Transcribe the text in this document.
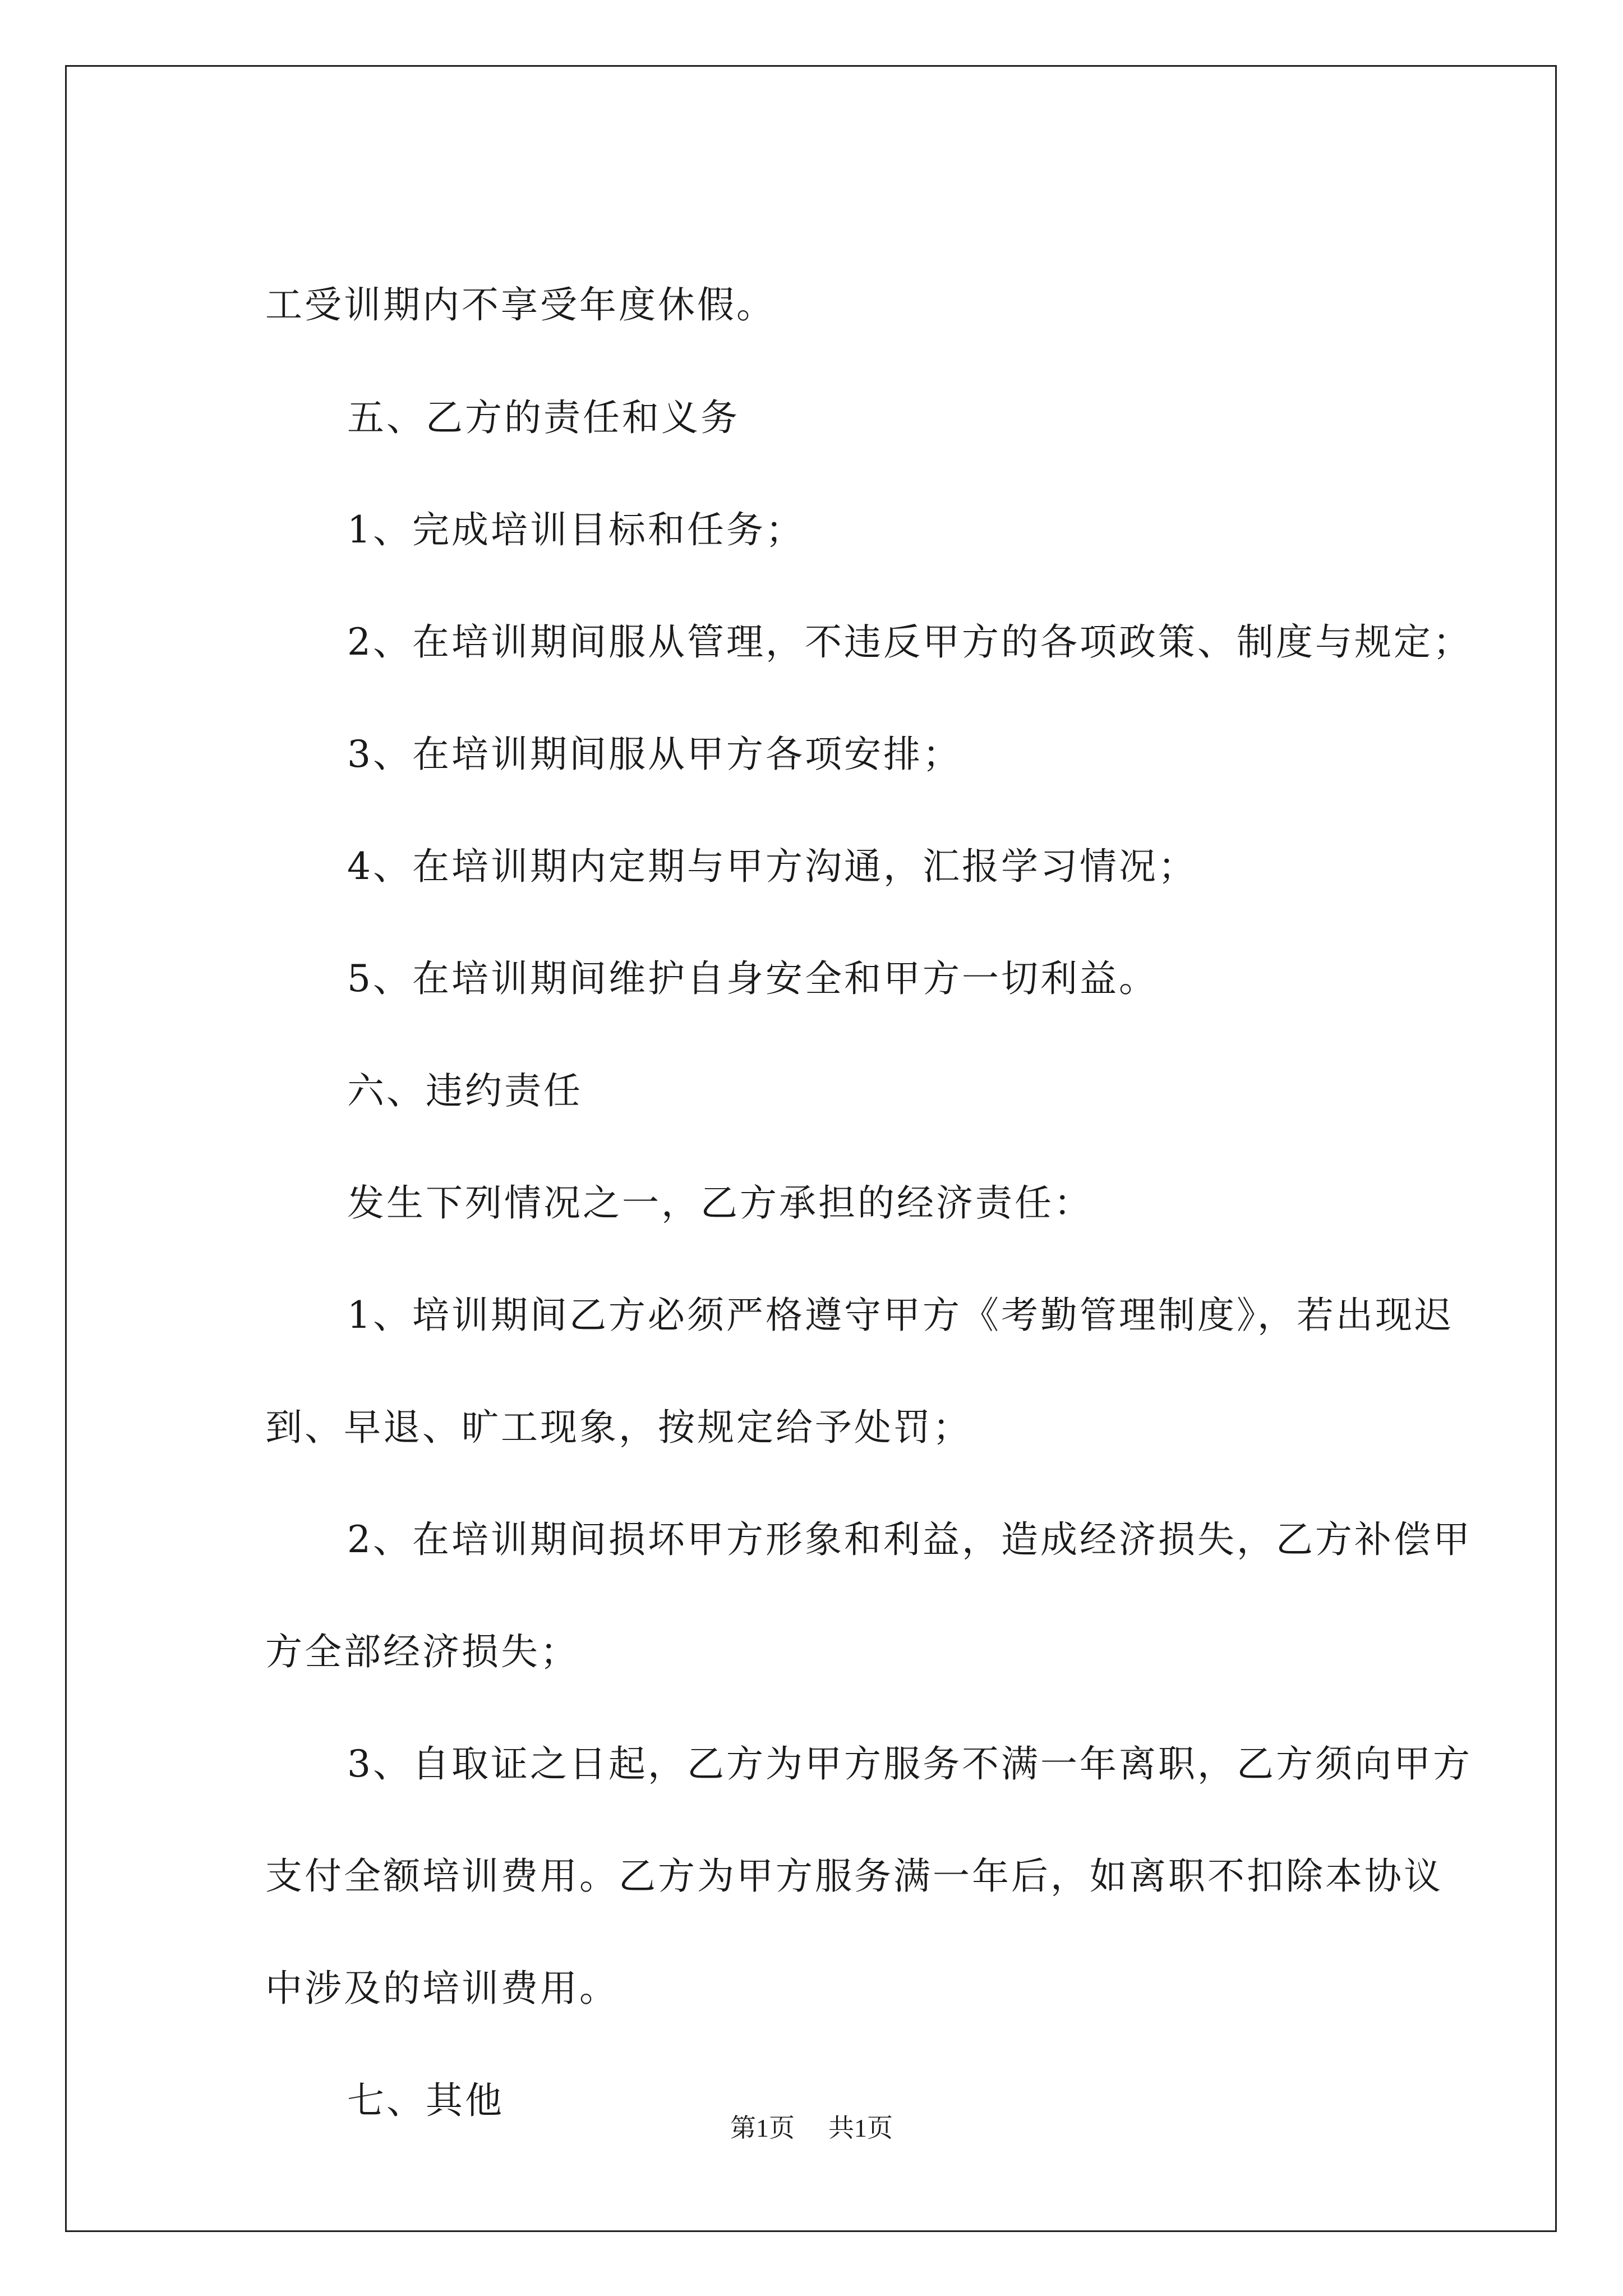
工受训期内不享受年度休假。
五、乙方的责任和义务
1、完成培训目标和任务；
2、在培训期间服从管理，不违反甲方的各项政策、制度与规定；
3、在培训期间服从甲方各项安排；
4、在培训期内定期与甲方沟通，汇报学习情况；
5、在培训期间维护自身安全和甲方一切利益。
六、违约责任
发生下列情况之一，乙方承担的经济责任：
1、培训期间乙方必须严格遵守甲方《考勤管理制度》，若出现迟
到、早退、旷工现象，按规定给予处罚；
2、在培训期间损坏甲方形象和利益，造成经济损失，乙方补偿甲
方全部经济损失；
3、自取证之日起，乙方为甲方服务不满一年离职，乙方须向甲方
支付全额培训费用。乙方为甲方服务满一年后，如离职不扣除本协议
中涉及的培训费用。
七、其他
第1页 共1页
